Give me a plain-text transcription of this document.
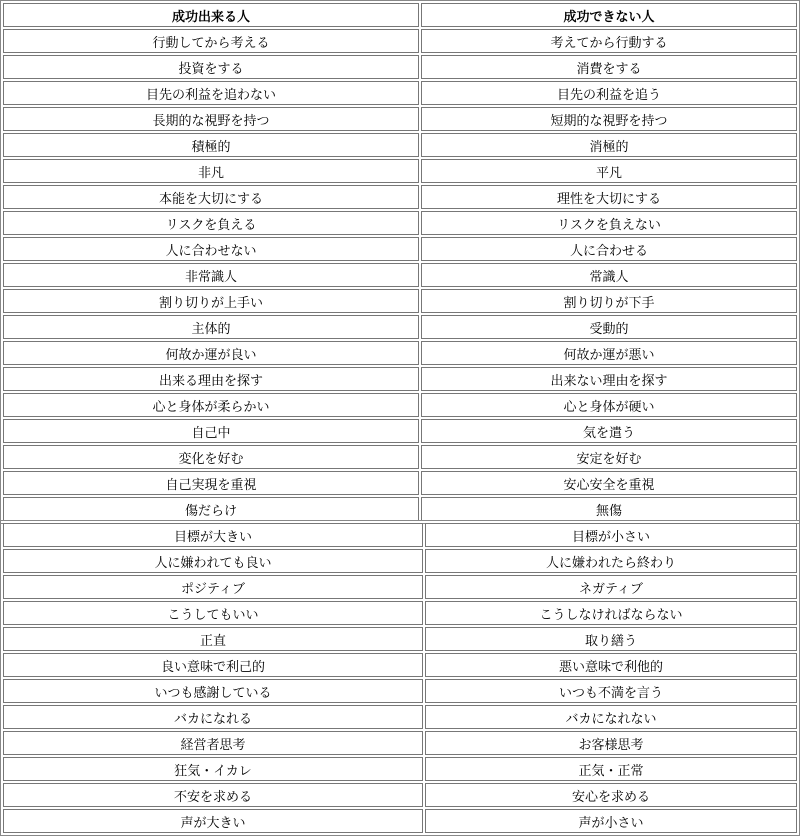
成功出来る人	成功できない人
行動してから考える	考えてから行動する
投資をする	消費をする
目先の利益を追わない	目先の利益を追う
長期的な視野を持つ	短期的な視野を持つ
積極的	消極的
非凡	平凡
本能を大切にする	理性を大切にする
リスクを負える	リスクを負えない
人に合わせない	人に合わせる
非常識人	常識人
割り切りが上手い	割り切りが下手
主体的	受動的
何故か運が良い	何故か運が悪い
出来る理由を探す	出来ない理由を探す
心と身体が柔らかい	心と身体が硬い
自己中	気を遣う
変化を好む	安定を好む
自己実現を重視	安心安全を重視
傷だらけ	無傷
目標が大きい	目標が小さい
人に嫌われても良い	人に嫌われたら終わり
ポジティブ	ネガティブ
こうしてもいい	こうしなければならない
正直	取り繕う
良い意味で利己的	悪い意味で利他的
いつも感謝している	いつも不満を言う
バカになれる	バカになれない
経営者思考	お客様思考
狂気・イカレ	正気・正常
不安を求める	安心を求める
声が大きい	声が小さい
